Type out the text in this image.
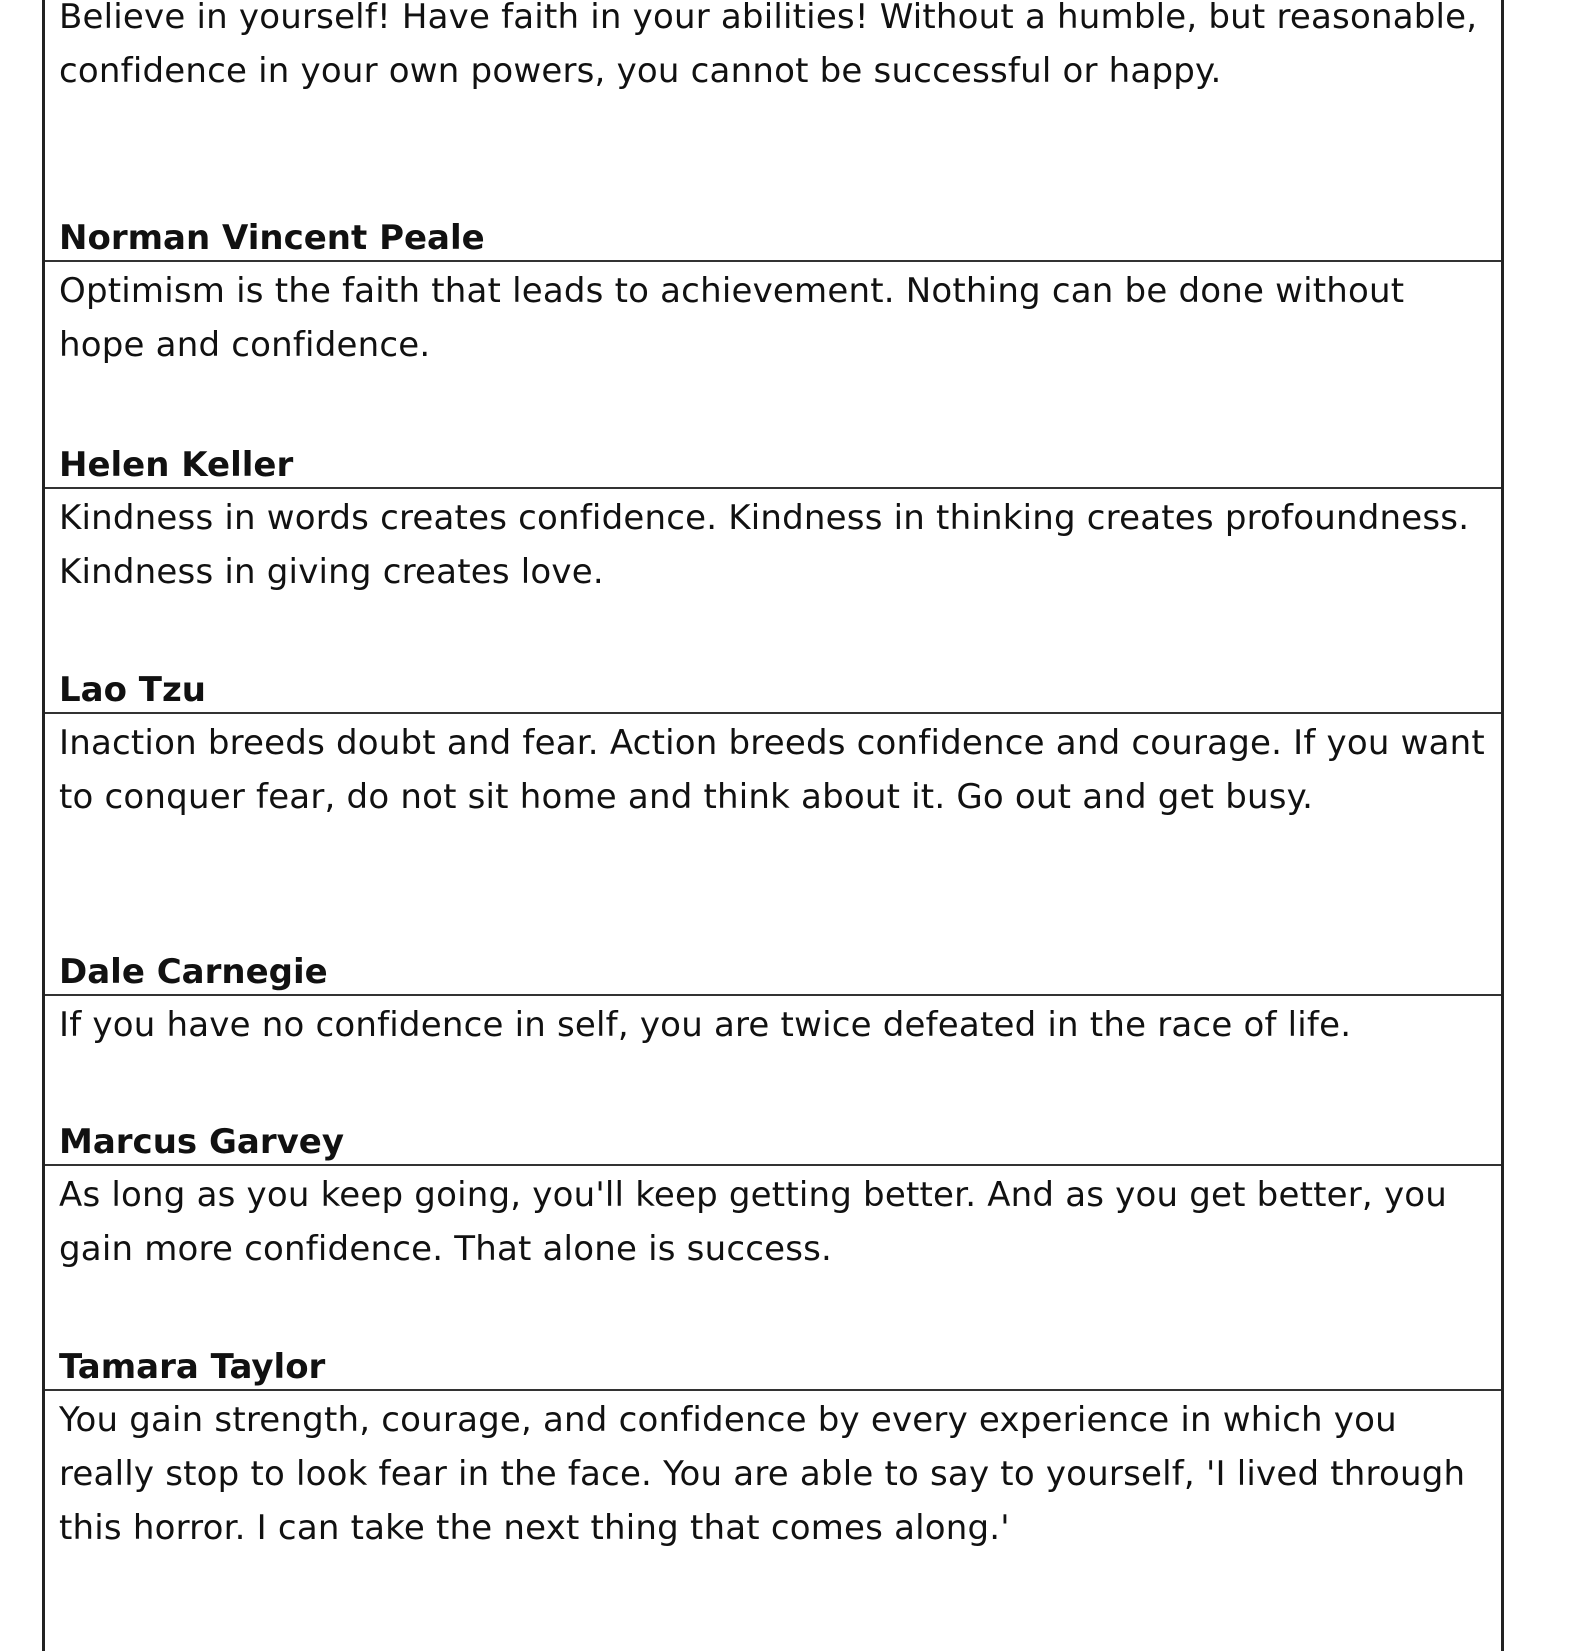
Believe in yourself! Have faith in your abilities! Without a humble, but reasonable, confidence in your own powers, you cannot be successful or happy.

Norman Vincent Peale

Optimism is the faith that leads to achievement. Nothing can be done without hope and confidence.

Helen Keller

Kindness in words creates confidence. Kindness in thinking creates profoundness. Kindness in giving creates love.

Lao Tzu

Inaction breeds doubt and fear. Action breeds confidence and courage. If you want to conquer fear, do not sit home and think about it. Go out and get busy.

Dale Carnegie

If you have no confidence in self, you are twice defeated in the race of life.

Marcus Garvey

As long as you keep going, you'll keep getting better. And as you get better, you gain more confidence. That alone is success.

Tamara Taylor

You gain strength, courage, and confidence by every experience in which you really stop to look fear in the face. You are able to say to yourself, 'I lived through this horror. I can take the next thing that comes along.'
